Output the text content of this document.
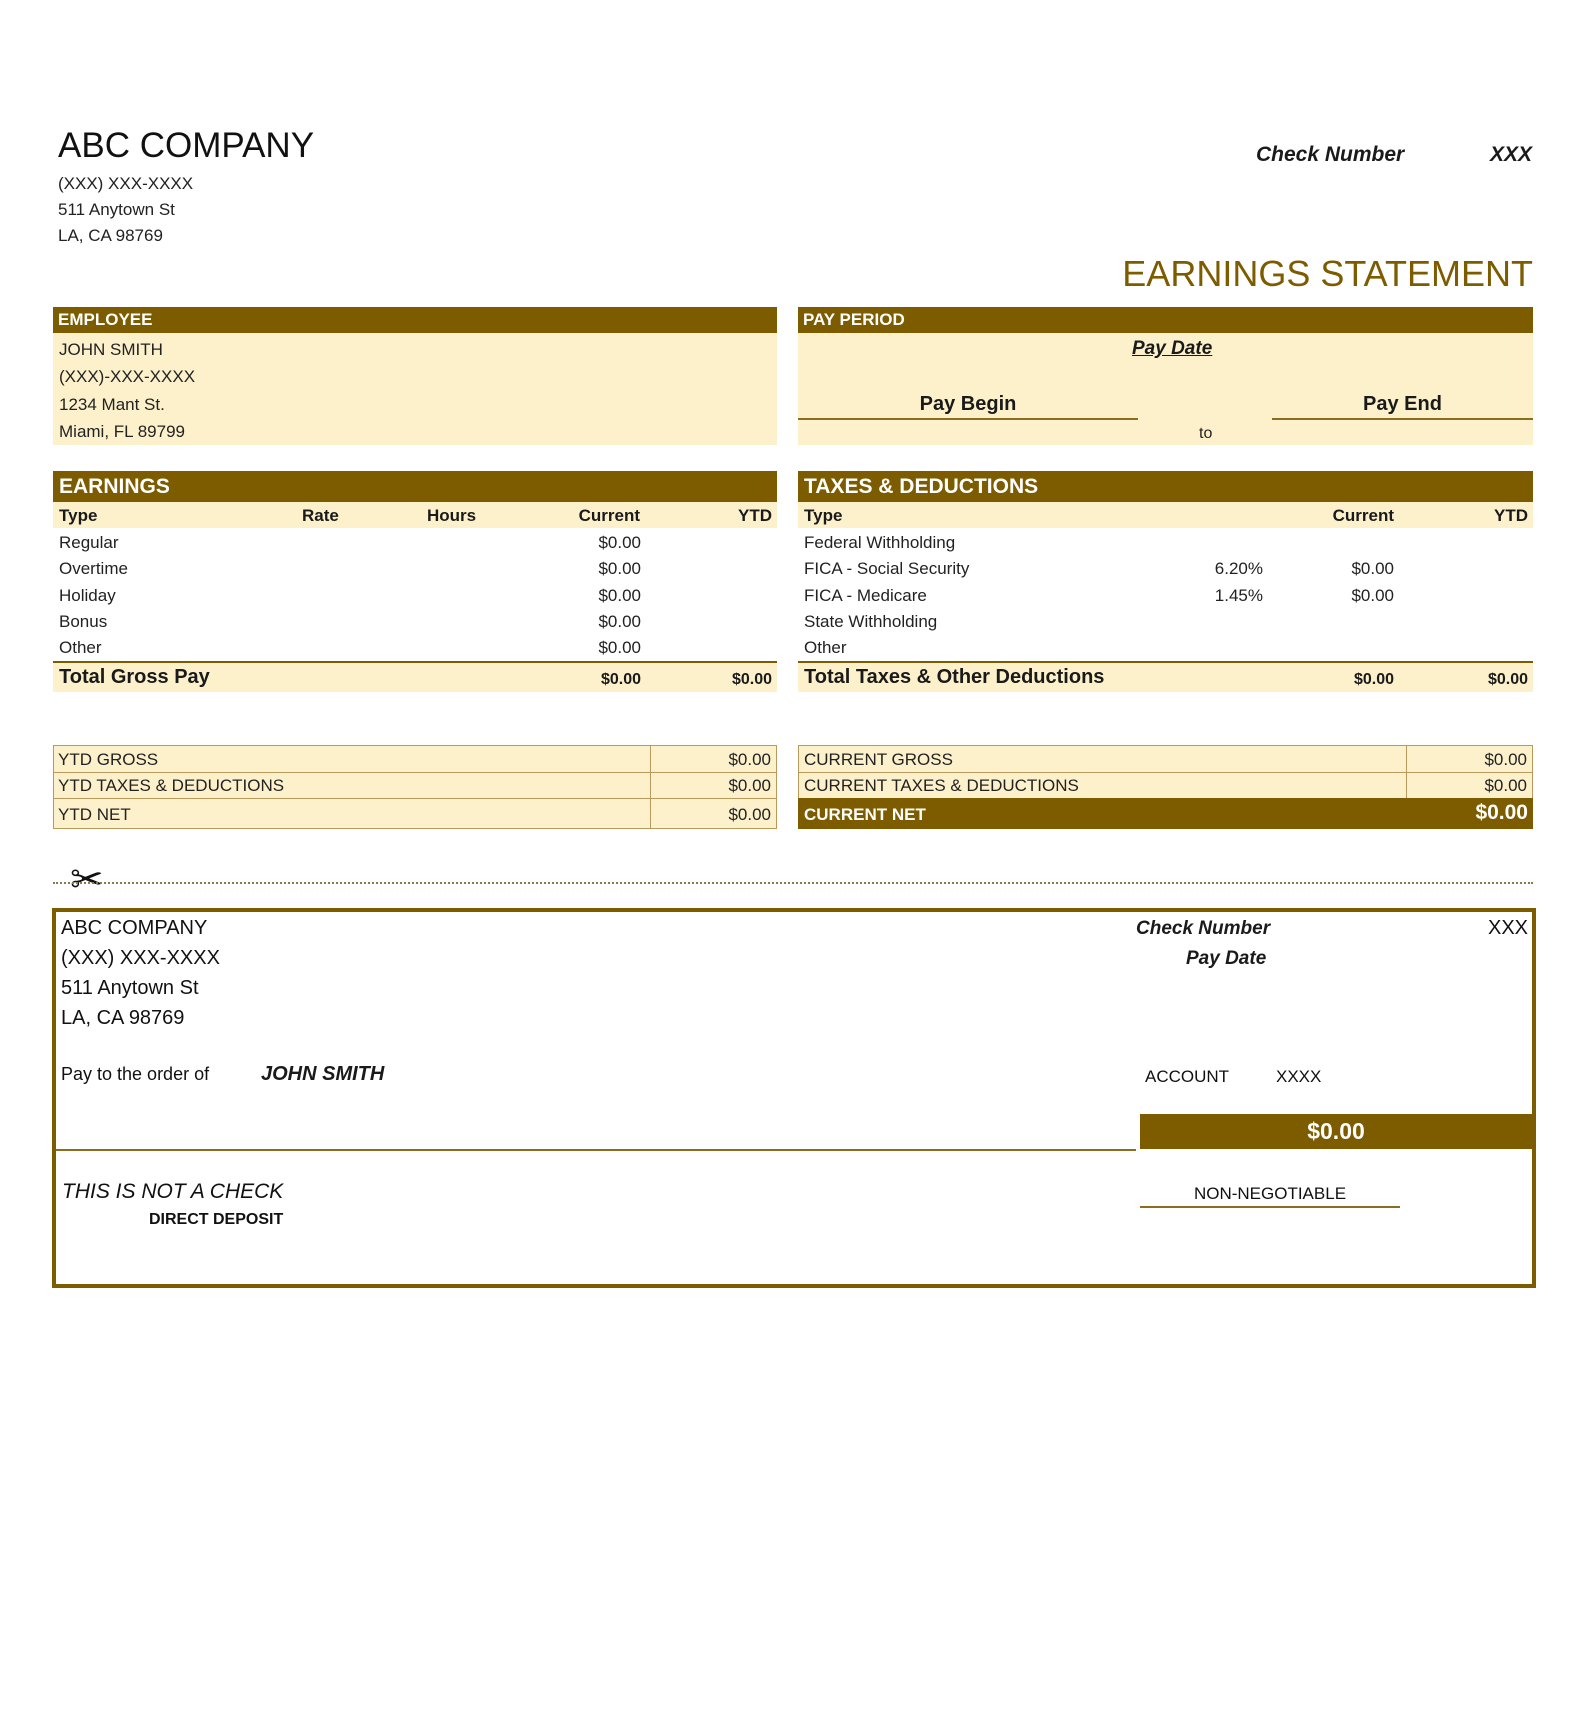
ABC COMPANY
(XXX) XXX-XXXX
511 Anytown St
LA, CA 98769
Check Number	XXX
EARNINGS STATEMENT
EMPLOYEE
JOHN SMITH
(XXX)-XXX-XXXX
1234 Mant St.
Miami, FL 89799
PAY PERIOD
Pay Date
Pay Begin	Pay End
to
EARNINGS
Type	Rate	Hours	Current	YTD
Regular	$0.00
Overtime	$0.00
Holiday	$0.00
Bonus	$0.00
Other	$0.00
Total Gross Pay	$0.00	$0.00
TAXES & DEDUCTIONS
Type	Current	YTD
Federal Withholding
FICA - Social Security	6.20%	$0.00
FICA - Medicare	1.45%	$0.00
State Withholding
Other
Total Taxes & Other Deductions	$0.00	$0.00
YTD GROSS	$0.00
YTD TAXES & DEDUCTIONS	$0.00
YTD NET	$0.00
CURRENT GROSS	$0.00
CURRENT TAXES & DEDUCTIONS	$0.00
CURRENT NET	$0.00
✂
ABC COMPANY
(XXX) XXX-XXXX
511 Anytown St
LA, CA 98769
Check Number	XXX
Pay Date
Pay to the order of	JOHN SMITH	ACCOUNT	XXXX
$0.00
THIS IS NOT A CHECK
DIRECT DEPOSIT
NON-NEGOTIABLE
